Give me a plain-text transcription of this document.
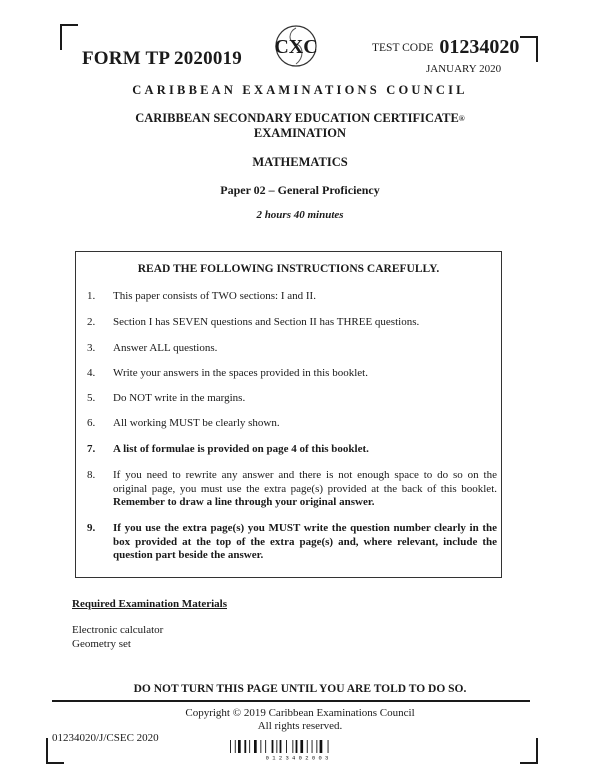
FORM TP 2020019
CXC	TEST CODE 01234020
JANUARY 2020
CARIBBEAN EXAMINATIONS COUNCIL
CARIBBEAN SECONDARY EDUCATION CERTIFICATE®
EXAMINATION
MATHEMATICS
Paper 02 – General Proficiency
2 hours 40 minutes
READ THE FOLLOWING INSTRUCTIONS CAREFULLY.
1.	This paper consists of TWO sections: I and II.
2.	Section I has SEVEN questions and Section II has THREE questions.
3.	Answer ALL questions.
4.	Write your answers in the spaces provided in this booklet.
5.	Do NOT write in the margins.
6.	All working MUST be clearly shown.
7.	A list of formulae is provided on page 4 of this booklet.
8.	If you need to rewrite any answer and there is not enough space to do so on the original page, you must use the extra page(s) provided at the back of this booklet. Remember to draw a line through your original answer.
9.	If you use the extra page(s) you MUST write the question number clearly in the box provided at the top of the extra page(s) and, where relevant, include the question part beside the answer.
Required Examination Materials
Electronic calculator
Geometry set
DO NOT TURN THIS PAGE UNTIL YOU ARE TOLD TO DO SO.
Copyright © 2019 Caribbean Examinations Council
All rights reserved.
01234020/J/CSEC 2020
0 1 2 3 4 0 2 0 0 3
